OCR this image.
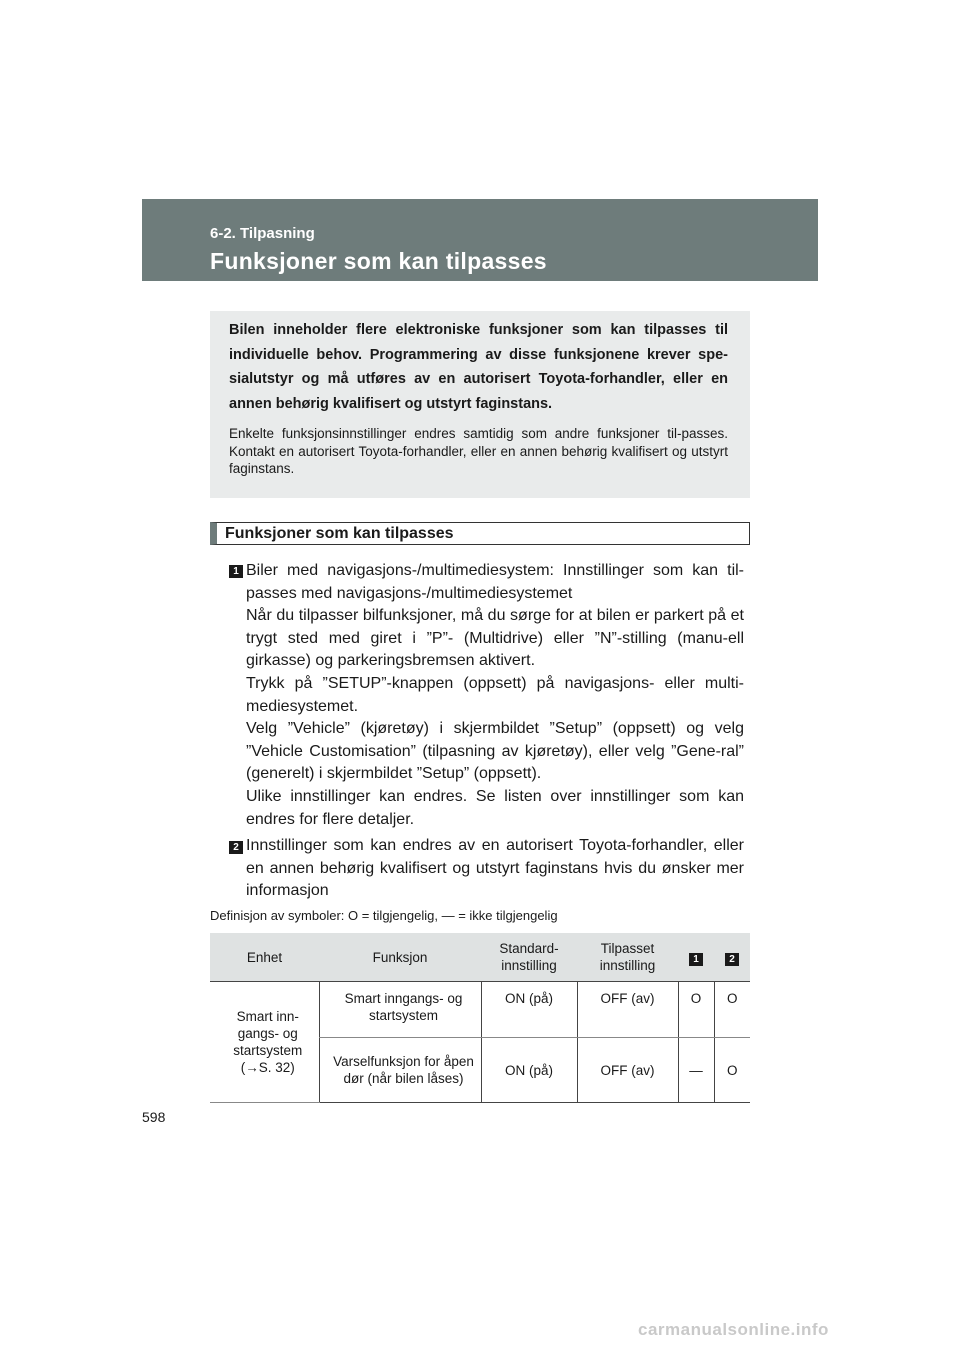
6-2. Tilpasning
Funksjoner som kan tilpasses

Bilen inneholder flere elektroniske funksjoner som kan tilpasses til individuelle behov. Programmering av disse funksjonene krever spe-sialutstyr og må utføres av en autorisert Toyota-forhandler, eller en annen behørig kvalifisert og utstyrt faginstans.

Enkelte funksjonsinnstillinger endres samtidig som andre funksjoner til-passes. Kontakt en autorisert Toyota-forhandler, eller en annen behørig kvalifisert og utstyrt faginstans.

Funksjoner som kan tilpasses
1 Biler med navigasjons-/multimediesystem: Innstillinger som kan til-passes med navigasjons-/multimediesystemet

Når du tilpasser bilfunksjoner, må du sørge for at bilen er parkert på et trygt sted med giret i ”P”- (Multidrive) eller ”N”-stilling (manu-ell girkasse) og parkeringsbremsen aktivert.

Trykk på ”SETUP”-knappen (oppsett) på navigasjons- eller multi-mediesystemet.

Velg ”Vehicle” (kjøretøy) i skjermbildet ”Setup” (oppsett) og velg ”Vehicle Customisation” (tilpasning av kjøretøy), eller velg ”Gene-ral” (generelt) i skjermbildet ”Setup” (oppsett).

Ulike innstillinger kan endres. Se listen over innstillinger som kan endres for flere detaljer.

2 Innstillinger som kan endres av en autorisert Toyota-forhandler, eller en annen behørig kvalifisert og utstyrt faginstans hvis du ønsker mer informasjon

Definisjon av symboler: O = tilgjengelig, — = ikke tilgjengelig
Enhet	Funksjon	Standard-innstilling	Tilpasset innstilling	1	2
Smart inn-gangs- og startsystem (→S. 32)	Smart inngangs- og startsystem	ON (på)	OFF (av)	O	O
	Varselfunksjon for åpen dør (når bilen låses)	ON (på)	OFF (av)	—	O
598
carmanualsonline.info
